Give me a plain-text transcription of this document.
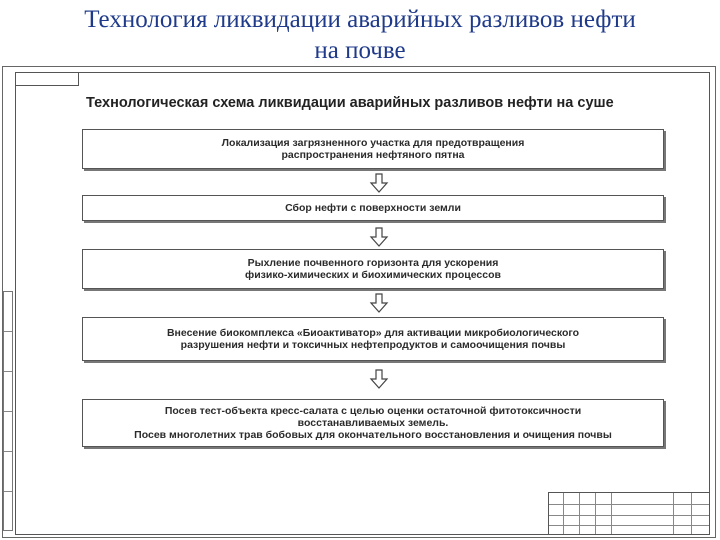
Технология ликвидации аварийных разливов нефти
на почве
Технологическая схема ликвидации аварийных разливов нефти на суше
Локализация загрязненного участка для предотвращения
распространения нефтяного пятна
Сбор нефти с поверхности земли
Рыхление почвенного горизонта для ускорения
физико-химических и биохимических процессов
Внесение биокомплекса «Биоактиватор» для активации микробиологического
разрушения нефти и токсичных нефтепродуктов и самоочищения почвы
Посев тест-объекта кресс-салата с целью оценки остаточной фитотоксичности
восстанавливаемых земель.
Посев многолетних трав бобовых для окончательного восстановления и очищения почвы
